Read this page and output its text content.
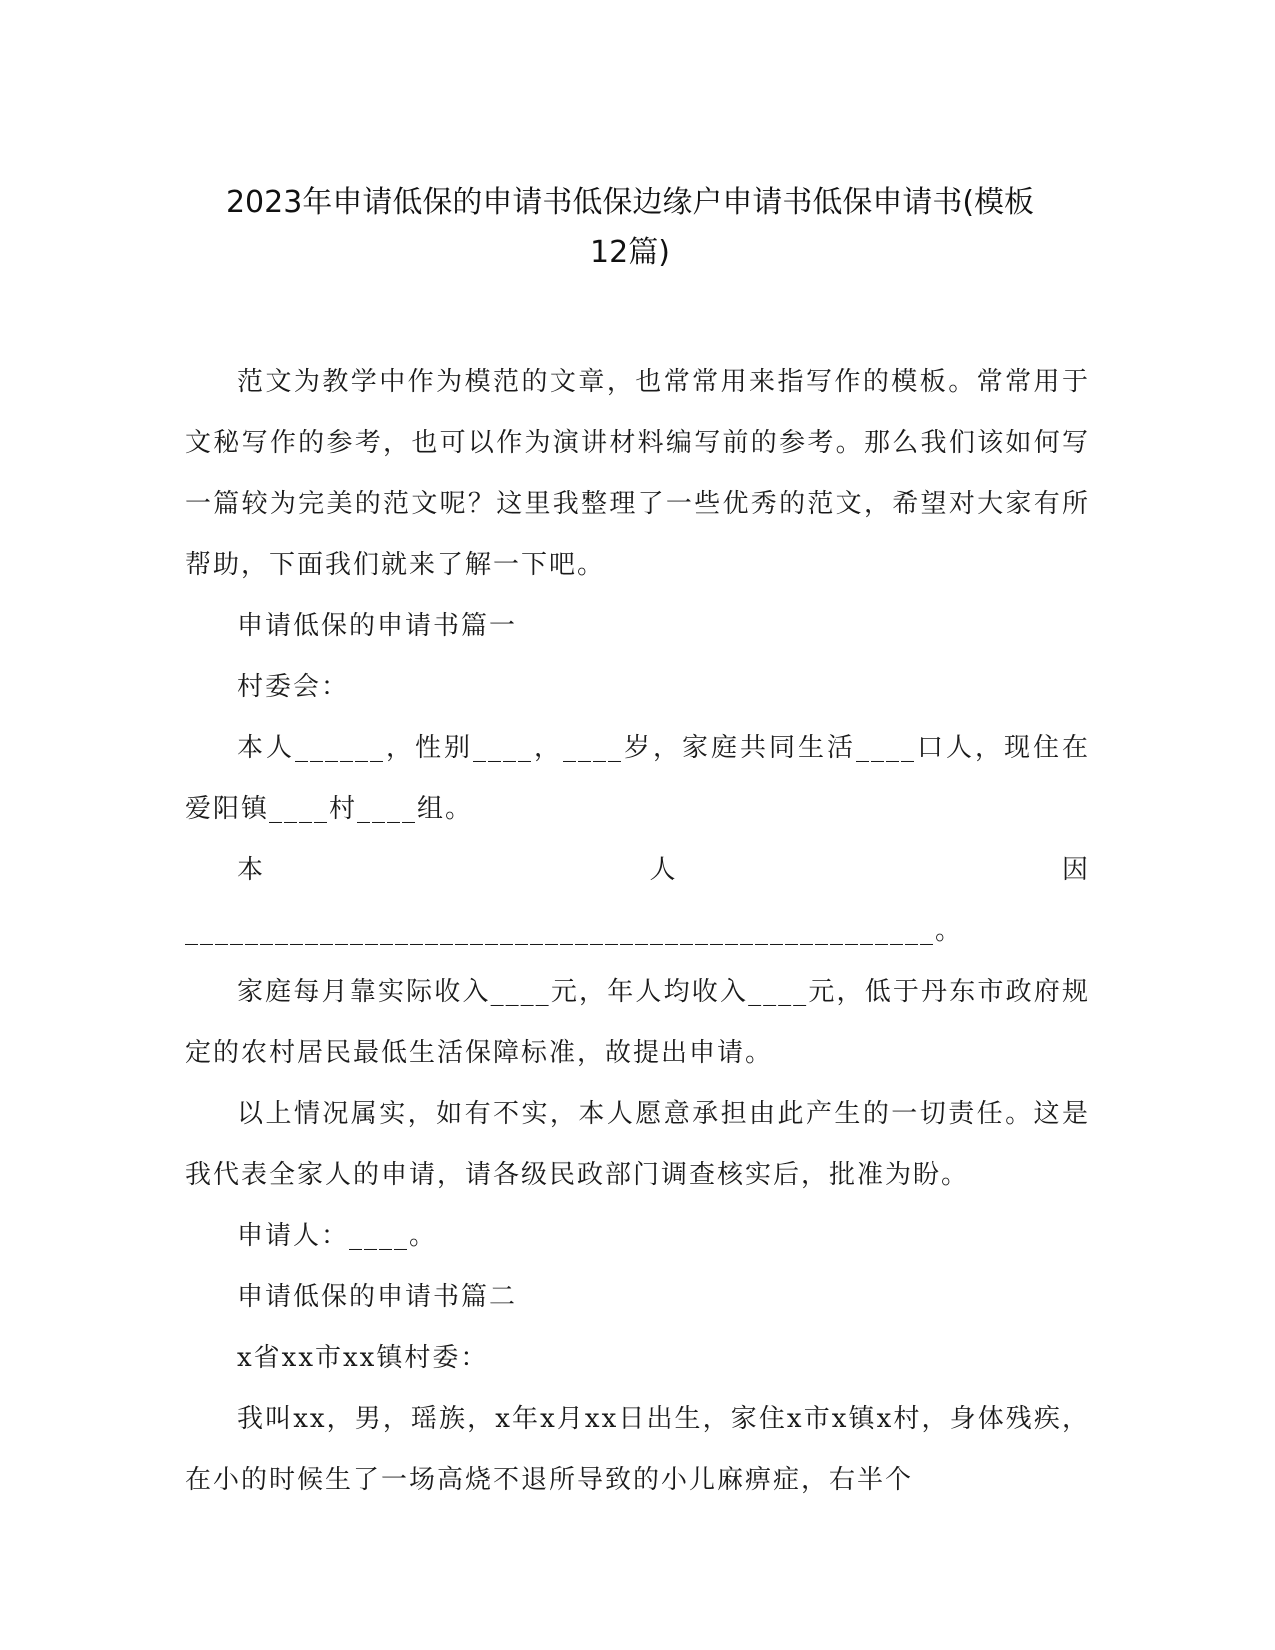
2023年申请低保的申请书低保边缘户申请书低保申请书(模板
12篇)

范文为教学中作为模范的文章，也常常用来指写作的模板。常常用于文秘写作的参考，也可以作为演讲材料编写前的参考。那么我们该如何写一篇较为完美的范文呢？这里我整理了一些优秀的范文，希望对大家有所帮助，下面我们就来了解一下吧。

申请低保的申请书篇一

村委会：

本人______，性别____，____岁，家庭共同生活____口人，现住在爱阳镇____村____组。

本人因__________________________________________________。

家庭每月靠实际收入____元，年人均收入____元，低于丹东市政府规定的农村居民最低生活保障标准，故提出申请。

以上情况属实，如有不实，本人愿意承担由此产生的一切责任。这是我代表全家人的申请，请各级民政部门调查核实后，批准为盼。

申请人：____。

申请低保的申请书篇二

x省xx市xx镇村委：

我叫xx，男，瑶族，x年x月xx日出生，家住x市x镇x村，身体残疾，在小的时候生了一场高烧不退所导致的小儿麻痹症，右半个
